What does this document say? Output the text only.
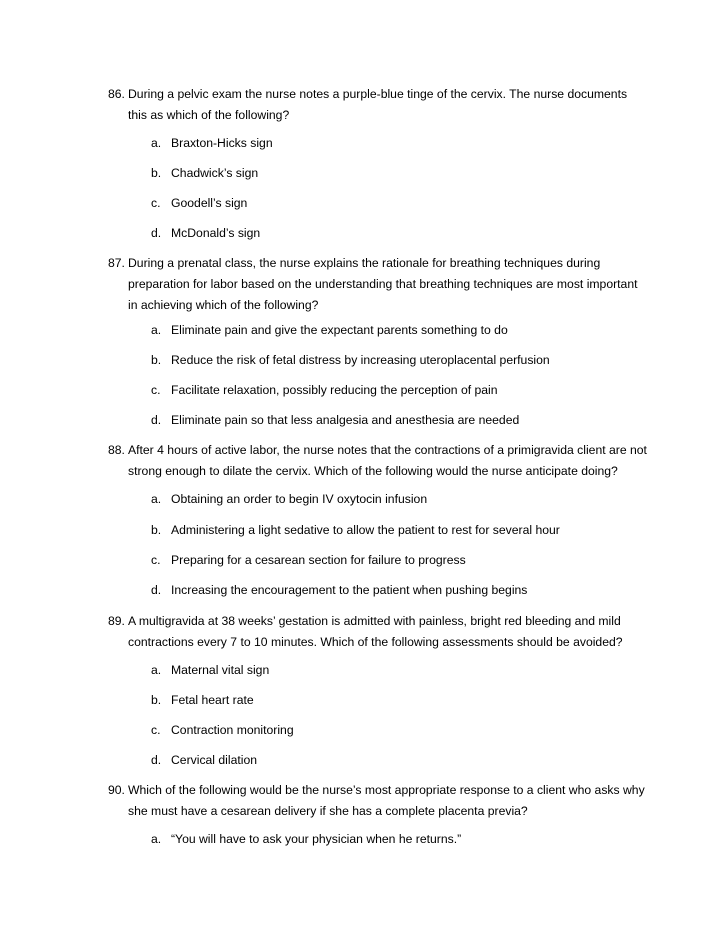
86. During a pelvic exam the nurse notes a purple-blue tinge of the cervix. The nurse documents this as which of the following?
a. Braxton-Hicks sign
b. Chadwick’s sign
c. Goodell’s sign
d. McDonald’s sign
87. During a prenatal class, the nurse explains the rationale for breathing techniques during preparation for labor based on the understanding that breathing techniques are most important in achieving which of the following?
a. Eliminate pain and give the expectant parents something to do
b. Reduce the risk of fetal distress by increasing uteroplacental perfusion
c. Facilitate relaxation, possibly reducing the perception of pain
d. Eliminate pain so that less analgesia and anesthesia are needed
88. After 4 hours of active labor, the nurse notes that the contractions of a primigravida client are not strong enough to dilate the cervix. Which of the following would the nurse anticipate doing?
a. Obtaining an order to begin IV oxytocin infusion
b. Administering a light sedative to allow the patient to rest for several hour
c. Preparing for a cesarean section for failure to progress
d. Increasing the encouragement to the patient when pushing begins
89. A multigravida at 38 weeks’ gestation is admitted with painless, bright red bleeding and mild contractions every 7 to 10 minutes. Which of the following assessments should be avoided?
a. Maternal vital sign
b. Fetal heart rate
c. Contraction monitoring
d. Cervical dilation
90. Which of the following would be the nurse’s most appropriate response to a client who asks why she must have a cesarean delivery if she has a complete placenta previa?
a. “You will have to ask your physician when he returns.”
